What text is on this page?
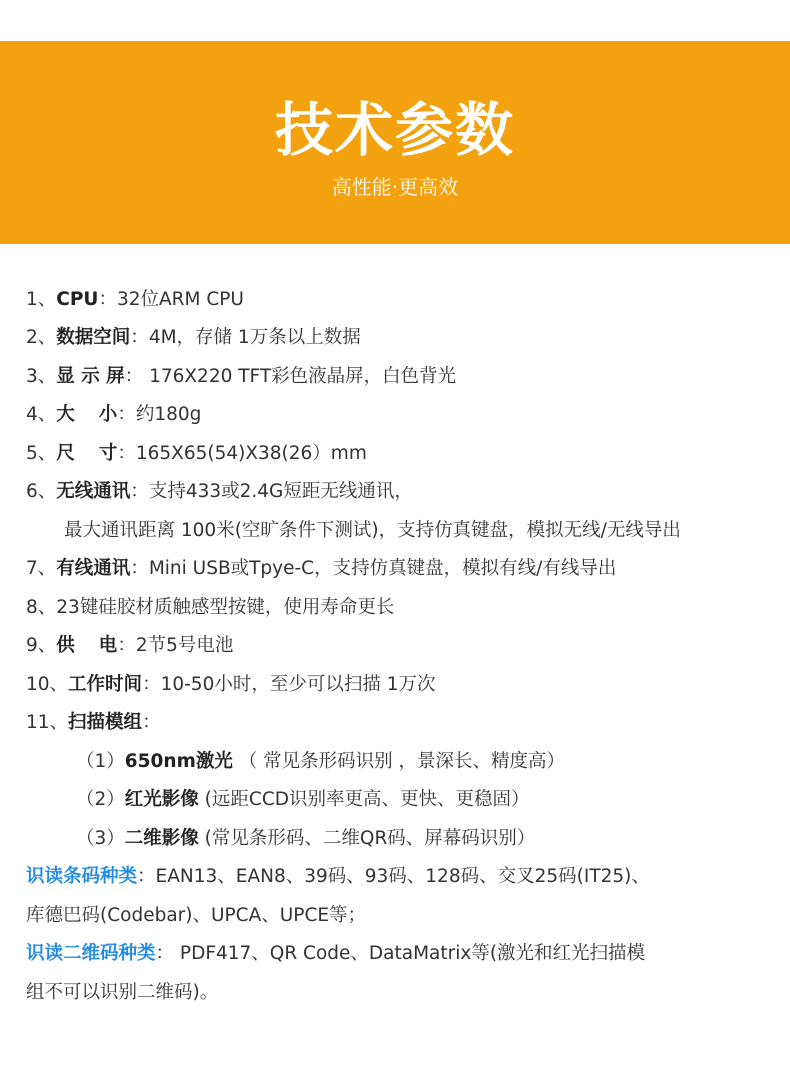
技术参数
高性能·更高效
1、CPU：32位ARM CPU
2、数据空间：4M，存储 1万条以上数据
3、显 示 屏： 176X220 TFT彩色液晶屏，白色背光
4、大 小：约180g
5、尺 寸：165X65(54)X38(26）mm
6、无线通讯：支持433或2.4G短距无线通讯，
最大通讯距离 100米(空旷条件下测试)，支持仿真键盘，模拟无线/无线导出
7、有线通讯：Mini USB或Tpye-C，支持仿真键盘，模拟有线/有线导出
8、23键硅胶材质触感型按键，使用寿命更长
9、供 电：2节5号电池
10、工作时间：10-50小时，至少可以扫描 1万次
11、扫描模组：
（1）650nm激光 （ 常见条形码识别 ，景深长、精度高）
（2）红光影像 (远距CCD识别率更高、更快、更稳固）
（3）二维影像 (常见条形码、二维QR码、屏幕码识别）
识读条码种类：EAN13、EAN8、39码、93码、128码、交叉25码(IT25)、
库德巴码(Codebar)、UPCA、UPCE等；
识读二维码种类： PDF417、QR Code、DataMatrix等(激光和红光扫描模
组不可以识别二维码)。
